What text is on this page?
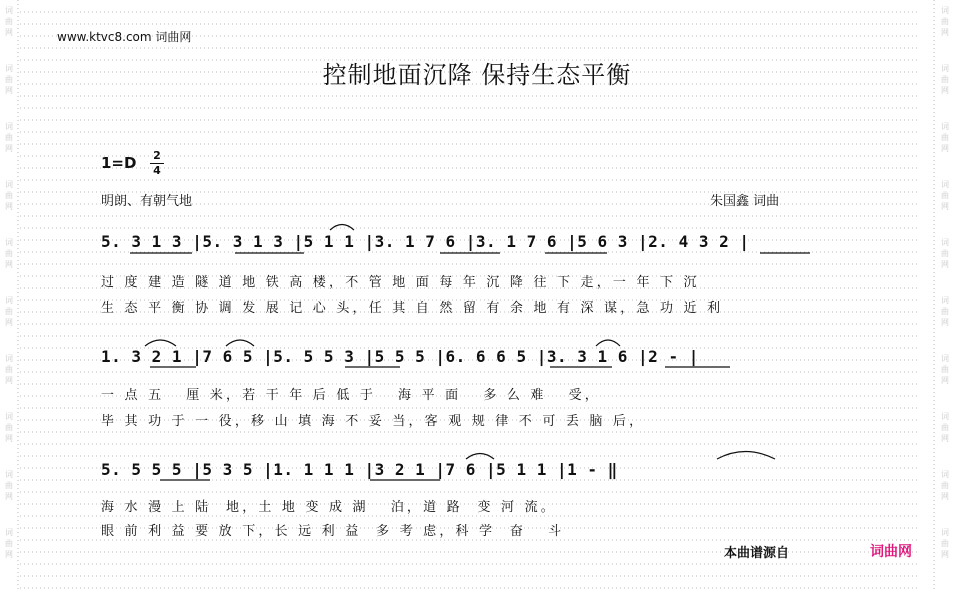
词
曲
网
词
曲
网
词
曲
网
词
曲
网
词
曲
网
词
曲
网
词
曲
网
词
曲
网
词
曲
网
词
曲
网
词
曲
网
词
曲
网
词
曲
网
词
曲
网
词
曲
网
词
曲
网
词
曲
网
词
曲
网
词
曲
网
词
曲
网
www.ktvc8.com 词曲网
控制地面沉降 保持生态平衡
1=D 2
4
明朗、有朝气地	朱国鑫 词曲
5. 3 1 3 |5. 3 1 3 |5 1 1 |3. 1 7 6 |3. 1 7 6 |5 6 3 |2. 4 3 2 |
过 度 建 造 隧 道 地 铁 高 楼，不 管 地 面 每 年 沉 降 往 下 走，一 年 下 沉
生 态 平 衡 协 调 发 展 记 心 头，任 其 自 然 留 有 余 地 有 深 谋，急 功 近 利
1. 3 2 1 |7 6 5 |5. 5 5 3 |5 5 5 |6. 6 6 5 |3. 3 1 6 |2 - |
一 点 五   厘 米，若 干 年 后 低 于   海 平 面   多 么 难   受，
毕 其 功 于 一 役，移 山 填 海 不 妥 当，客 观 规 律 不 可 丢 脑 后，
5. 5 5 5 |5 3 5 |1. 1 1 1 |3 2 1 |7 6 |5 1 1 |1 - ‖
海 水 漫 上 陆  地，土 地 变 成 湖   泊，道 路  变 河 流。
眼 前 利 益 要 放 下，长 远 利 益  多 考 虑，科 学  奋   斗
本曲谱源自	词曲网
